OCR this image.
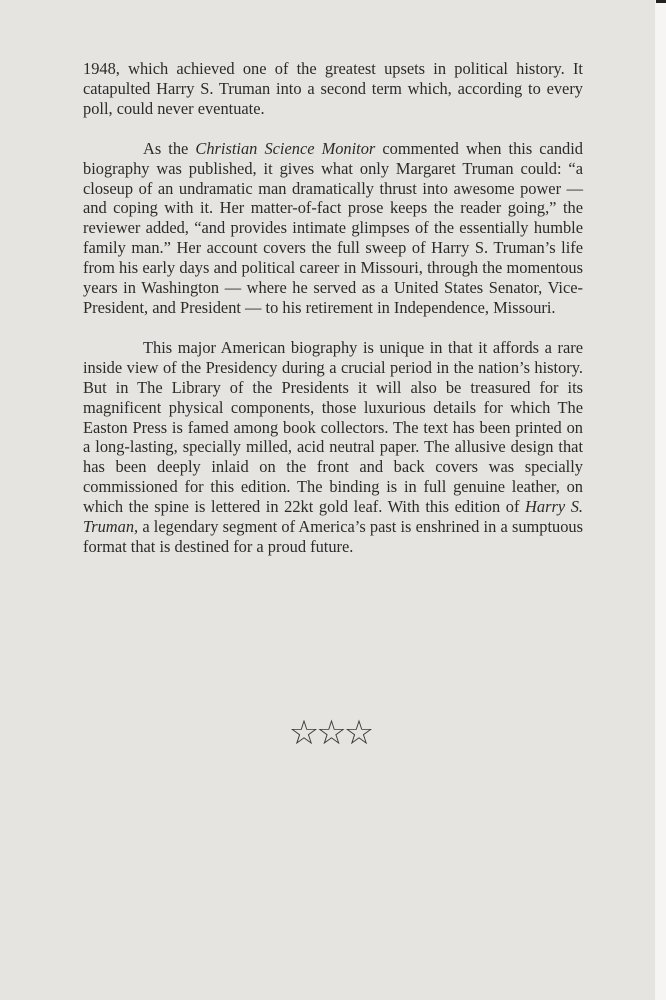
1948, which achieved one of the greatest upsets in political history. It catapulted Harry S. Truman into a second term which, according to every poll, could never eventuate.

As the Christian Science Monitor commented when this candid biography was published, it gives what only Margaret Truman could: “a closeup of an undramatic man dramatically thrust into awesome power — and coping with it. Her matter-of-fact prose keeps the reader going,” the reviewer added, “and provides intimate glimpses of the essentially humble family man.” Her account covers the full sweep of Harry S. Truman’s life from his early days and political career in Missouri, through the momentous years in Washington — where he served as a United States Senator, Vice-President, and President — to his retirement in Independence, Missouri.

This major American biography is unique in that it affords a rare inside view of the Presidency during a crucial period in the nation’s history. But in The Library of the Presidents it will also be treasured for its magnificent physical components, those luxurious details for which The Easton Press is famed among book collectors. The text has been printed on a long-lasting, specially milled, acid neutral paper. The allusive design that has been deeply inlaid on the front and back covers was specially commissioned for this edition. The binding is in full genuine leather, on which the spine is lettered in 22kt gold leaf. With this edition of Harry S. Truman, a legendary segment of America’s past is enshrined in a sumptuous format that is destined for a proud future.

☆☆☆
